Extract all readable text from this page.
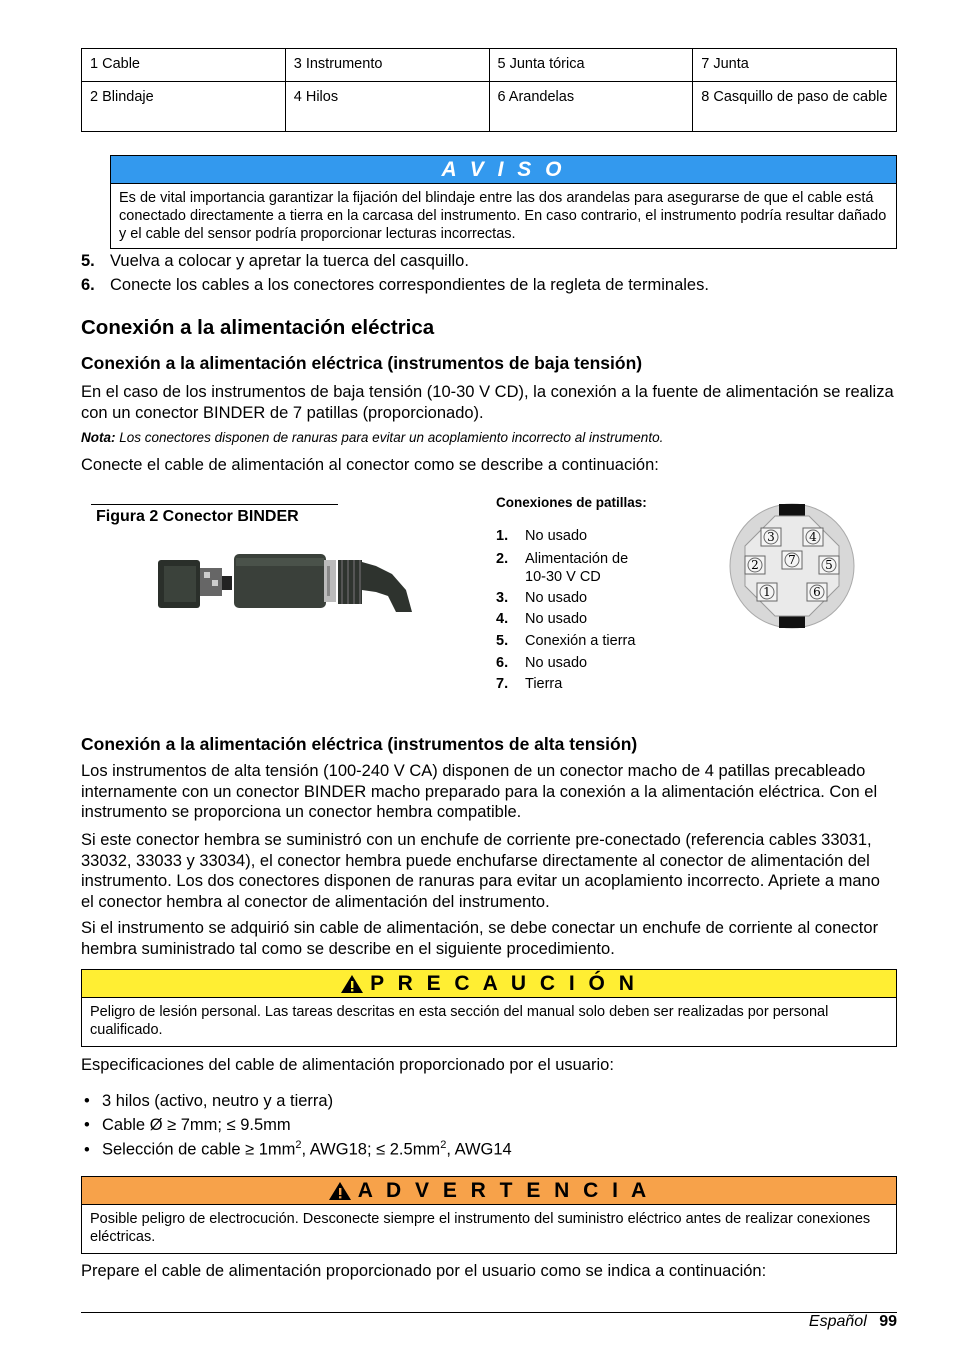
1 Cable	3 Instrumento	5 Junta tórica	7 Junta
2 Blindaje	4 Hilos	6 Arandelas	8 Casquillo de paso de cable
A V I S O
Es de vital importancia garantizar la fijación del blindaje entre las dos arandelas para asegurarse de que el cable está conectado directamente a tierra en la carcasa del instrumento. En caso contrario, el instrumento podría resultar dañado y el cable del sensor podría proporcionar lecturas incorrectas.
5. Vuelva a colocar y apretar la tuerca del casquillo.
6. Conecte los cables a los conectores correspondientes de la regleta de terminales.
Conexión a la alimentación eléctrica
Conexión a la alimentación eléctrica (instrumentos de baja tensión)
En el caso de los instrumentos de baja tensión (10-30 V CD), la conexión a la fuente de alimentación se realiza con un conector BINDER de 7 patillas (proporcionado).
Nota: Los conectores disponen de ranuras para evitar un acoplamiento incorrecto al instrumento.
Conecte el cable de alimentación al conector como se describe a continuación:
Figura 2 Conector BINDER
Conexiones de patillas:
1. No usado
2. Alimentación de 10-30 V CD
3. No usado
4. No usado
5. Conexión a tierra
6. No usado
7. Tierra
3	4
2 7 5
1	6
Conexión a la alimentación eléctrica (instrumentos de alta tensión)
Los instrumentos de alta tensión (100-240 V CA) disponen de un conector macho de 4 patillas precableado internamente con un conector BINDER macho preparado para la conexión a la alimentación eléctrica. Con el instrumento se proporciona un conector hembra compatible.
Si este conector hembra se suministró con un enchufe de corriente pre-conectado (referencia cables 33031, 33032, 33033 y 33034), el conector hembra puede enchufarse directamente al conector de alimentación del instrumento. Los dos conectores disponen de ranuras para evitar un acoplamiento incorrecto. Apriete a mano el conector hembra al conector de alimentación del instrumento.
Si el instrumento se adquirió sin cable de alimentación, se debe conectar un enchufe de corriente al conector hembra suministrado tal como se describe en el siguiente procedimiento.
P R E C A U C I Ó N
Peligro de lesión personal. Las tareas descritas en esta sección del manual solo deben ser realizadas por personal cualificado.
Especificaciones del cable de alimentación proporcionado por el usuario:
• 3 hilos (activo, neutro y a tierra)
• Cable Ø ≥ 7mm; ≤ 9.5mm
• Selección de cable ≥ $1mm^2$, AWG18; ≤ $2.5mm^2$, AWG14
A D V E R T E N C I A
Posible peligro de electrocución. Desconecte siempre el instrumento del suministro eléctrico antes de realizar conexiones eléctricas.
Prepare el cable de alimentación proporcionado por el usuario como se indica a continuación:
Español 99
